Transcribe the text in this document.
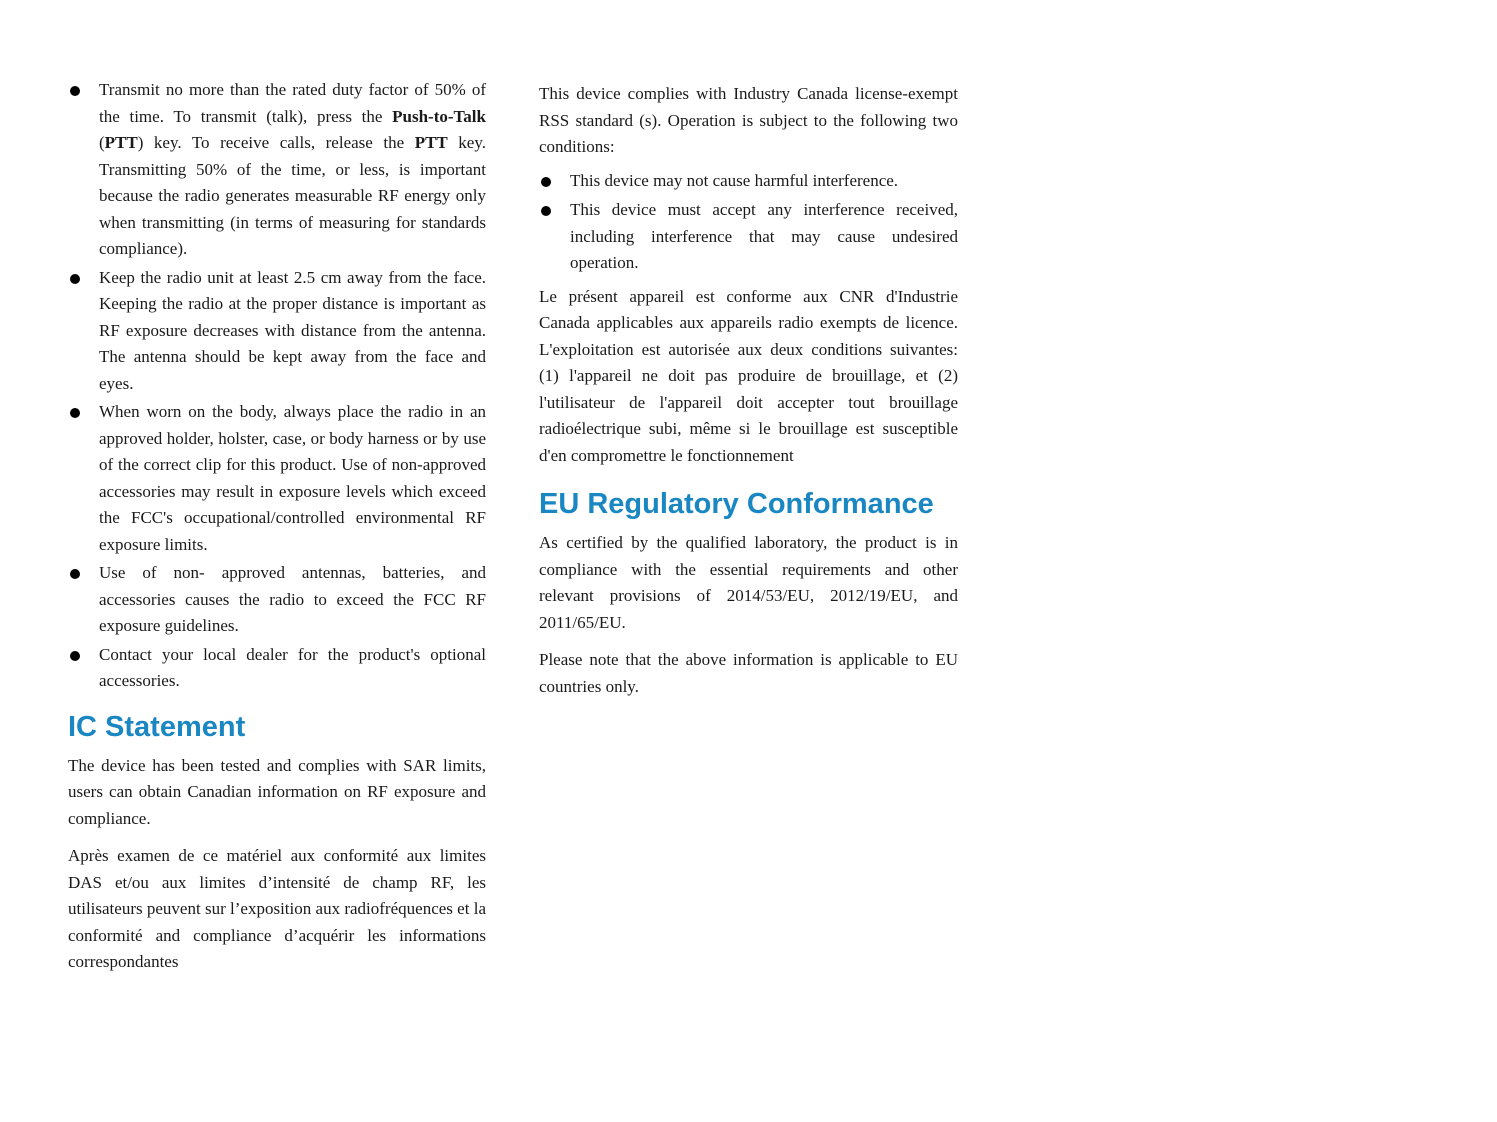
Transmit no more than the rated duty factor of 50% of the time. To transmit (talk), press the Push-to-Talk (PTT) key. To receive calls, release the PTT key. Transmitting 50% of the time, or less, is important because the radio generates measurable RF energy only when transmitting (in terms of measuring for standards compliance).
Keep the radio unit at least 2.5 cm away from the face. Keeping the radio at the proper distance is important as RF exposure decreases with distance from the antenna. The antenna should be kept away from the face and eyes.
When worn on the body, always place the radio in an approved holder, holster, case, or body harness or by use of the correct clip for this product. Use of non-approved accessories may result in exposure levels which exceed the FCC's occupational/controlled environmental RF exposure limits.
Use of non- approved antennas, batteries, and accessories causes the radio to exceed the FCC RF exposure guidelines.
Contact your local dealer for the product's optional accessories.
IC Statement

The device has been tested and complies with SAR limits, users can obtain Canadian information on RF exposure and compliance.

Après examen de ce matériel aux conformité aux limites DAS et/ou aux limites d’intensité de champ RF, les utilisateurs peuvent sur l’exposition aux radiofréquences et la conformité and compliance d’acquérir les informations correspondantes

This device complies with Industry Canada license-exempt RSS standard (s). Operation is subject to the following two conditions:

This device may not cause harmful interference.
This device must accept any interference received, including interference that may cause undesired operation.

Le présent appareil est conforme aux CNR d'Industrie Canada applicables aux appareils radio exempts de licence. L'exploitation est autorisée aux deux conditions suivantes: (1) l'appareil ne doit pas produire de brouillage, et (2) l'utilisateur de l'appareil doit accepter tout brouillage radioélectrique subi, même si le brouillage est susceptible d'en compromettre le fonctionnement

EU Regulatory Conformance

As certified by the qualified laboratory, the product is in compliance with the essential requirements and other relevant provisions of 2014/53/EU, 2012/19/EU, and 2011/65/EU.

Please note that the above information is applicable to EU countries only.
